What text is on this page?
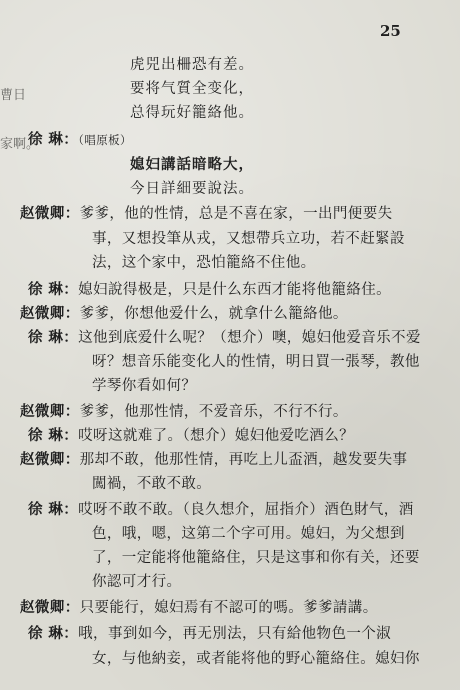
25
曹日
家啊。
虎兕出柵恐有差。
要将气質全变化，
总得玩好籠絡他。
徐 琳：（唱原板）
媳妇講話暗略大，
今日詳細要說法。
赵微卿：爹爹，他的性情，总是不喜在家，一出門便要失
事，又想投筆从戎，又想帶兵立功，若不赶緊設
法，这个家中，恐怕籠絡不住他。
徐 琳：媳妇說得极是，只是什么东西才能将他籠絡住。
赵微卿：爹爹，你想他爱什么，就拿什么籠絡他。
徐 琳：这他到底爱什么呢？（想介）噢，媳妇他爱音乐不爱
呀？想音乐能变化人的性情，明日買一張琴，教他
学琴你看如何？
赵微卿：爹爹，他那性情，不爱音乐，不行不行。
徐 琳：哎呀这就难了。（想介）媳妇他爱吃酒么？
赵微卿：那却不敢，他那性情，再吃上儿盃酒，越发要失事
闖禍，不敢不敢。
徐 琳：哎呀不敢不敢。（良久想介，屈指介）酒色財气，酒
色，哦，嗯，这第二个字可用。媳妇，为父想到
了，一定能将他籠絡住，只是这事和你有关，还要
你認可才行。
赵微卿：只要能行，媳妇焉有不認可的嗎。爹爹請講。
徐 琳：哦，事到如今，再无別法，只有給他物色一个淑
女，与他納妾，或者能将他的野心籠絡住。媳妇你
